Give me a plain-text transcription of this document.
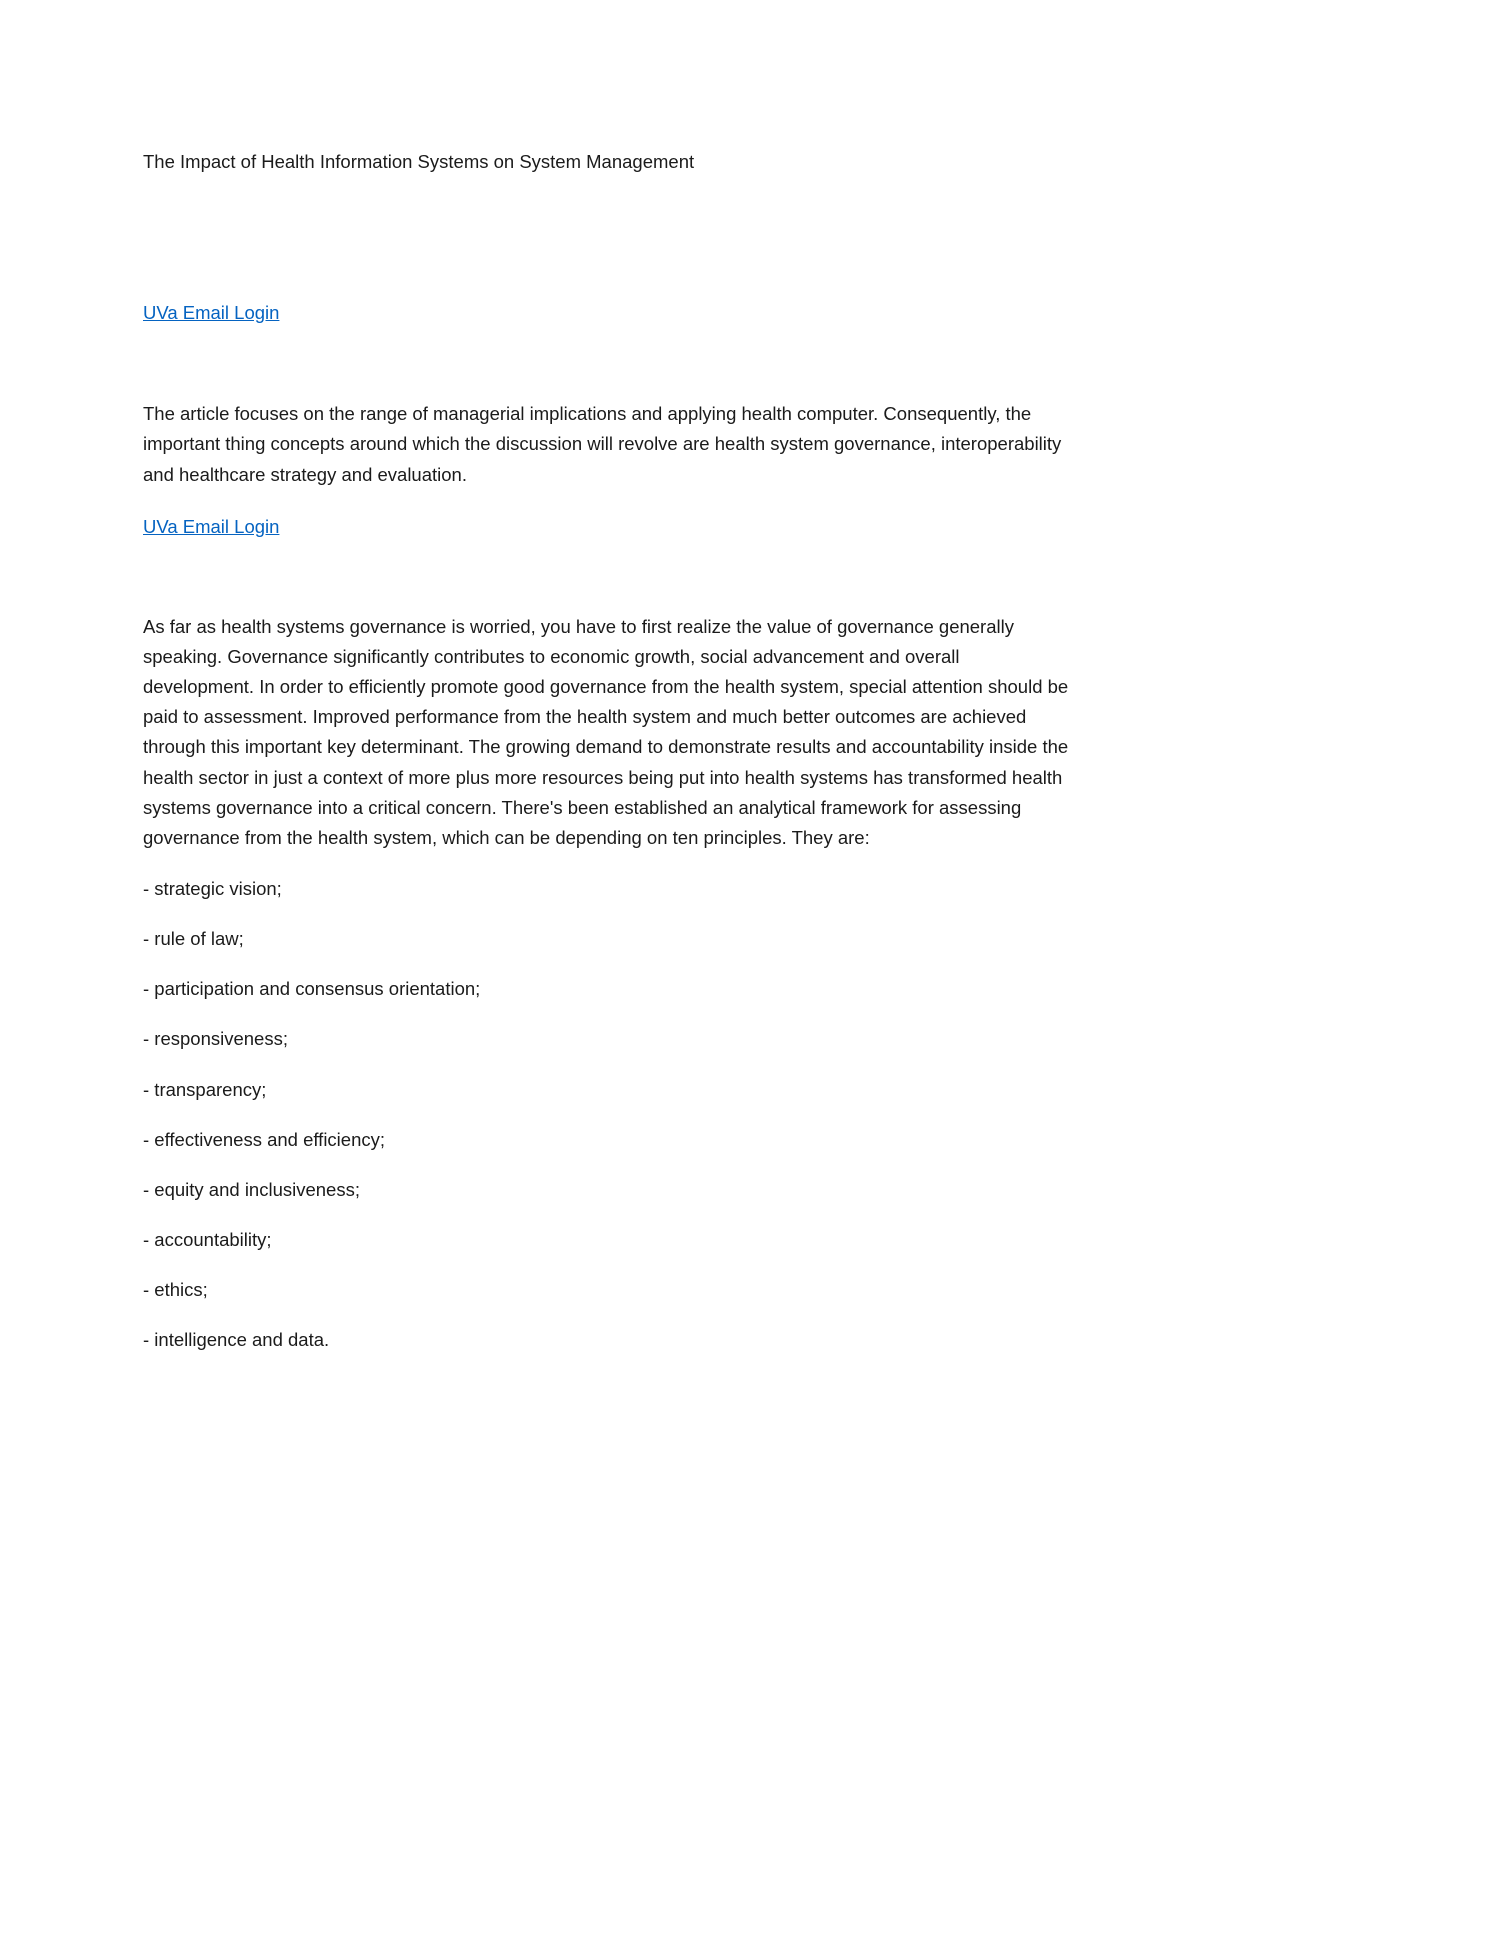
The Impact of Health Information Systems on System Management

UVa Email Login

The article focuses on the range of managerial implications and applying health computer. Consequently, the important thing concepts around which the discussion will revolve are health system governance, interoperability and healthcare strategy and evaluation.

UVa Email Login

As far as health systems governance is worried, you have to first realize the value of governance generally speaking. Governance significantly contributes to economic growth, social advancement and overall development. In order to efficiently promote good governance from the health system, special attention should be paid to assessment. Improved performance from the health system and much better outcomes are achieved through this important key determinant. The growing demand to demonstrate results and accountability inside the health sector in just a context of more plus more resources being put into health systems has transformed health systems governance into a critical concern. There's been established an analytical framework for assessing governance from the health system, which can be depending on ten principles. They are:

- strategic vision;

- rule of law;

- participation and consensus orientation;

- responsiveness;

- transparency;

- effectiveness and efficiency;

- equity and inclusiveness;

- accountability;

- ethics;

- intelligence and data.
